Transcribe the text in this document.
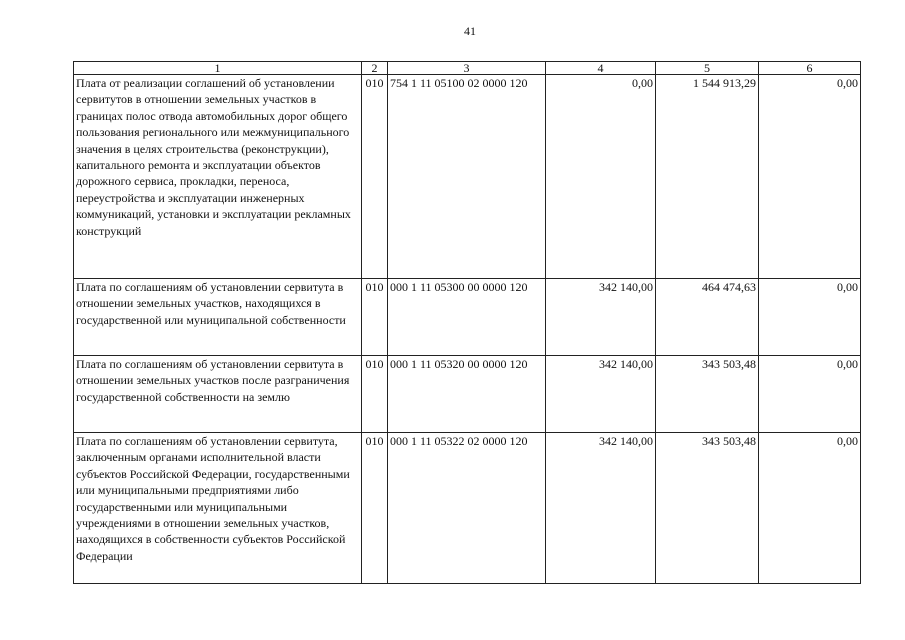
41
1	2	3	4	5	6
Плата от реализации соглашений об установлении сервитутов в отношении земельных участков в границах полос отвода автомобильных дорог общего пользования регионального или межмуниципального значения в целях строительства (реконструкции), капитального ремонта и эксплуатации объектов дорожного сервиса, прокладки, переноса, переустройства и эксплуатации инженерных коммуникаций, установки и эксплуатации рекламных конструкций	010	754 1 11 05100 02 0000 120	0,00	1 544 913,29	0,00
Плата по соглашениям об установлении сервитута в отношении земельных участков, находящихся в государственной или муниципальной собственности	010	000 1 11 05300 00 0000 120	342 140,00	464 474,63	0,00
Плата по соглашениям об установлении сервитута в отношении земельных участков после разграничения государственной собственности на землю	010	000 1 11 05320 00 0000 120	342 140,00	343 503,48	0,00
Плата по соглашениям об установлении сервитута, заключенным органами исполнительной власти субъектов Российской Федерации, государственными или муниципальными предприятиями либо государственными или муниципальными учреждениями в отношении земельных участков, находящихся в собственности субъектов Российской Федерации	010	000 1 11 05322 02 0000 120	342 140,00	343 503,48	0,00
